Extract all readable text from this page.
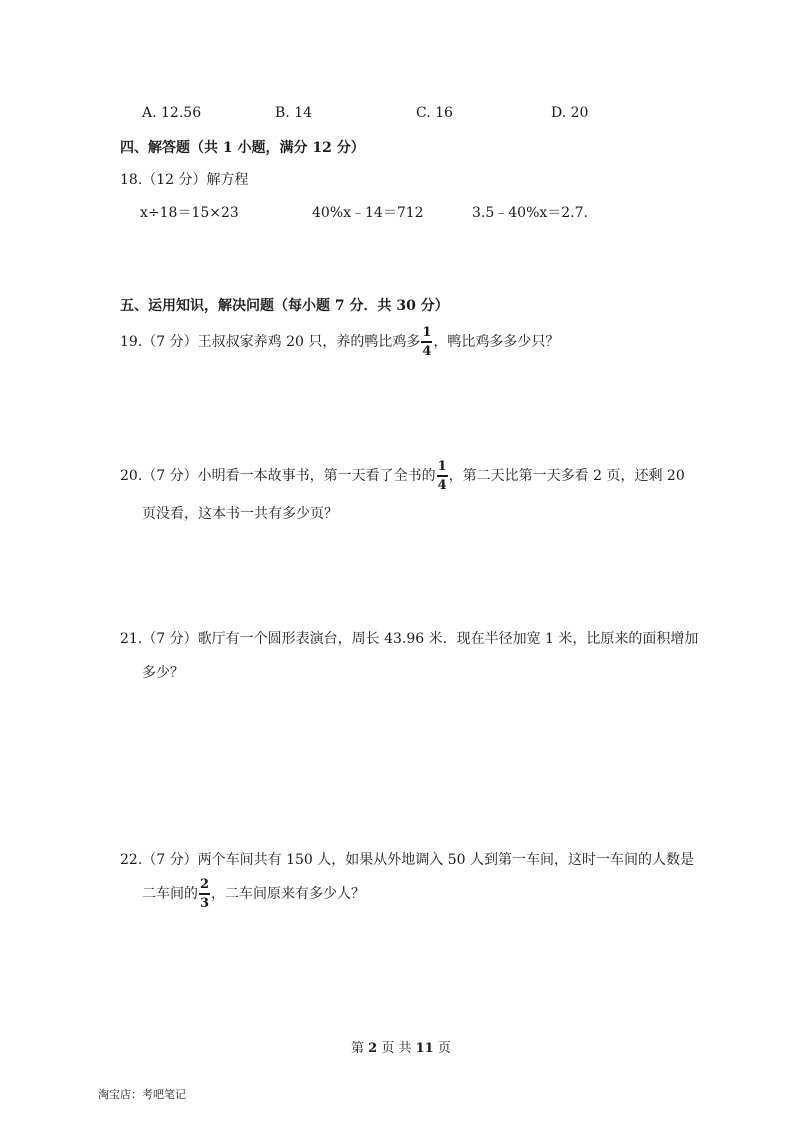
A. 12.56	B. 14	C. 16	D. 20
四、解答题（共 1 小题，满分 12 分）
18.（12 分）解方程
x÷18＝15×23	40%x﹣14＝712	3.5﹣40%x＝2.7.
五、运用知识，解决问题（每小题 7 分．共 30 分）
19.（7 分）王叔叔家养鸡 20 只，养的鸭比鸡多 $\frac{1}{4}$ ，鸭比鸡多多少只？
20.（7 分）小明看一本故事书，第一天看了全书的 $\frac{1}{4}$ ，第二天比第一天多看 2 页，还剩 20
页没看，这本书一共有多少页？
21.（7 分）歌厅有一个圆形表演台，周长 43.96 米．现在半径加宽 1 米，比原来的面积增加
多少？
22.（7 分）两个车间共有 150 人，如果从外地调入 50 人到第一车间，这时一车间的人数是
二车间的 $\frac{2}{3}$ ，二车间原来有多少人？
第 2 页 共 11 页
淘宝店：考吧笔记
